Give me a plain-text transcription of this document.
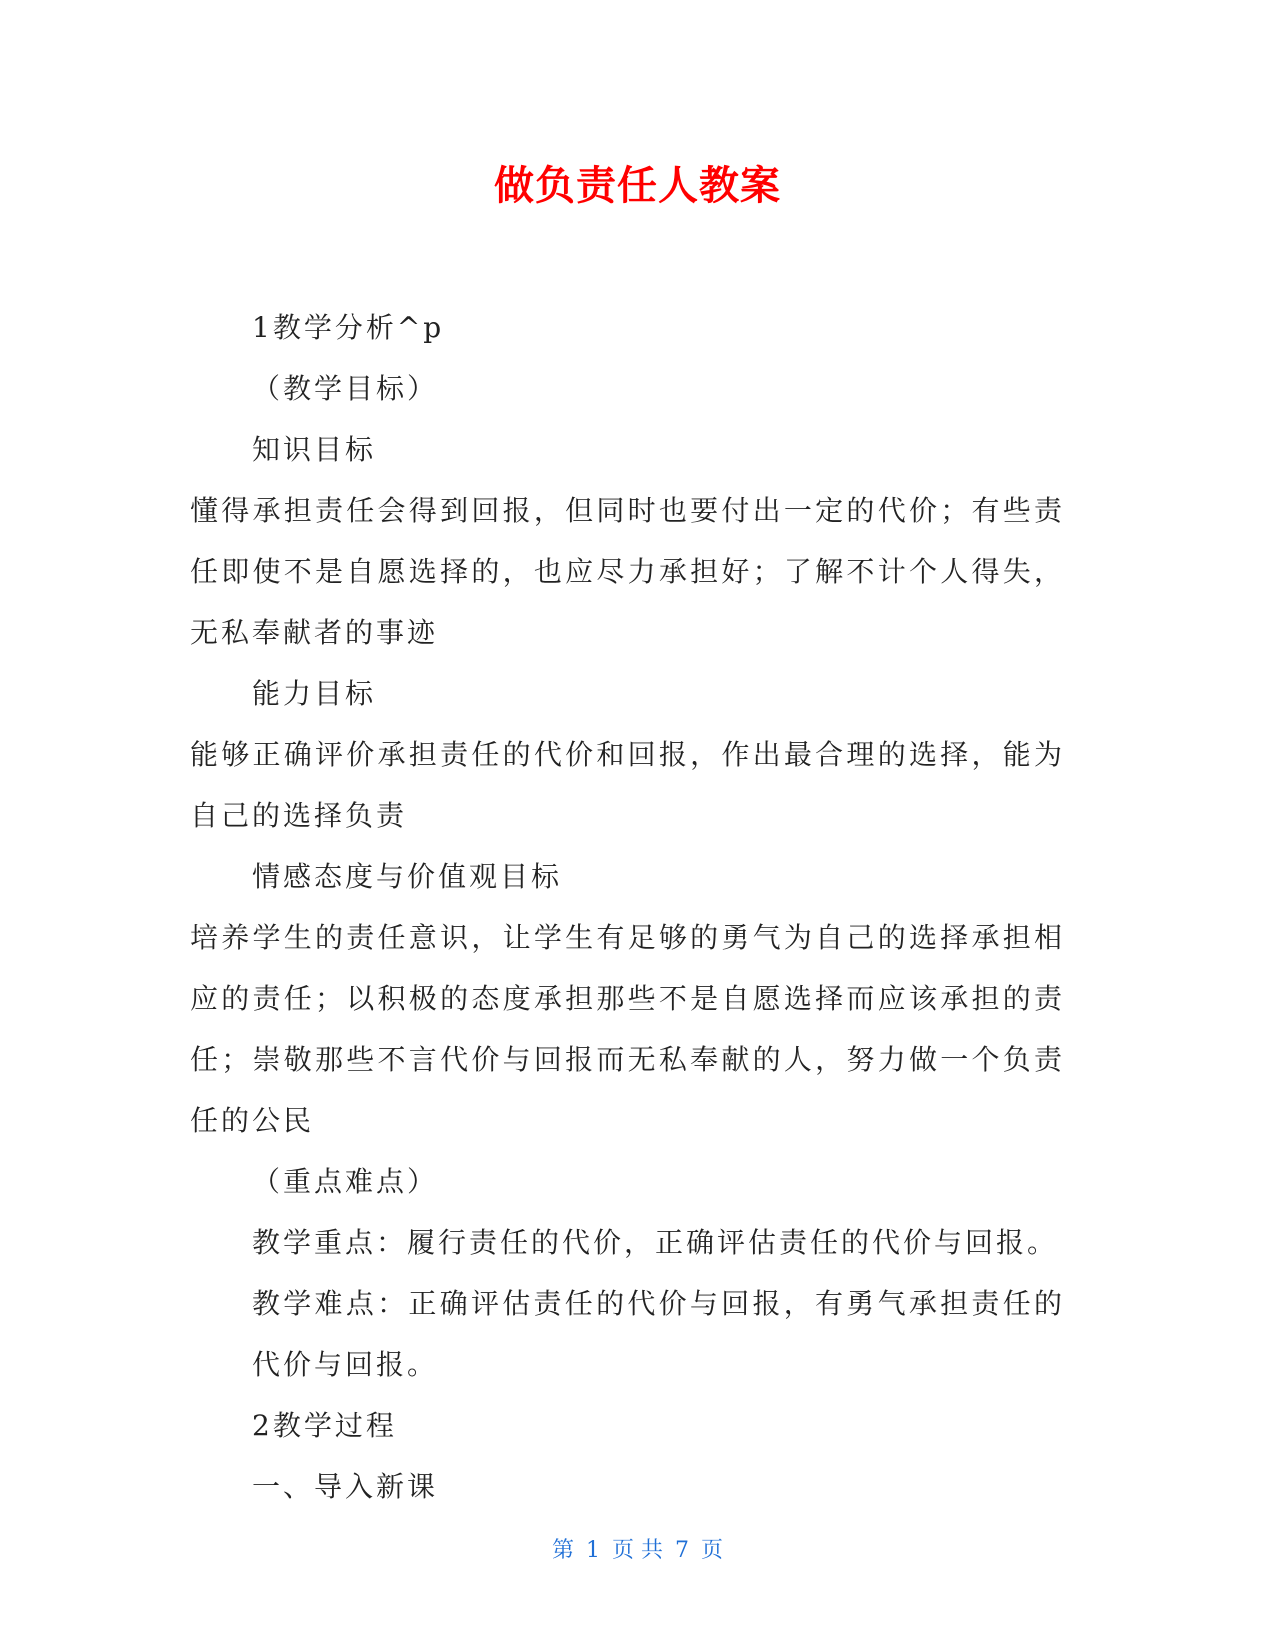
做负责任人教案

1教学分析^p

（教学目标）

知识目标

懂得承担责任会得到回报，但同时也要付出一定的代价；有些责任即使不是自愿选择的，也应尽力承担好；了解不计个人得失，无私奉献者的事迹

能力目标

能够正确评价承担责任的代价和回报，作出最合理的选择，能为自己的选择负责

情感态度与价值观目标

培养学生的责任意识，让学生有足够的勇气为自己的选择承担相应的责任；以积极的态度承担那些不是自愿选择而应该承担的责任；崇敬那些不言代价与回报而无私奉献的人，努力做一个负责任的公民

（重点难点）

教学重点：履行责任的代价，正确评估责任的代价与回报。

教学难点：正确评估责任的代价与回报，有勇气承担责任的代价与回报。

2教学过程

一、导入新课

第 1 页 共 7 页
